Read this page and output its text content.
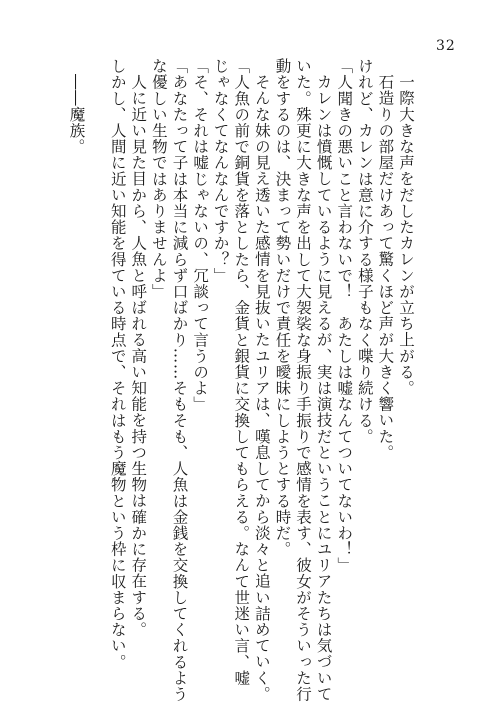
32

一際大きな声をだしたカレンが立ち上がる。

石造りの部屋だけあって驚くほど声が大きく響いた。

けれど、カレンは意に介する様子もなく喋り続ける。

「人聞きの悪いこと言わないで！　あたしは嘘なんてついてないわ！」

カレンは憤慨しているように見えるが、実は演技だということにユリアたちは気づいて

いた。殊更に大きな声を出して大袈裟な身振り手振りで感情を表す、彼女がそういった行

動をするのは、決まって勢いだけで責任を曖昧にしようとする時だ。

そんな妹の見え透いた感情を見抜いたユリアは、嘆息してから淡々と追い詰めていく。

「人魚の前で銅貨を落としたら、金貨と銀貨に交換してもらえる。なんて世迷い言、嘘

じゃなくてなんなんですか？」

「そ、それは嘘じゃないの、冗談って言うのよ」

「あなたって子は本当に減らず口ばかり……そもそも、人魚は金銭を交換してくれるよう

な優しい生物ではありませんよ」

人に近い見た目から、人魚と呼ばれる高い知能を持つ生物は確かに存在する。

しかし、人間に近い知能を得ている時点で、それはもう魔物という枠に収まらない。

――魔族。
